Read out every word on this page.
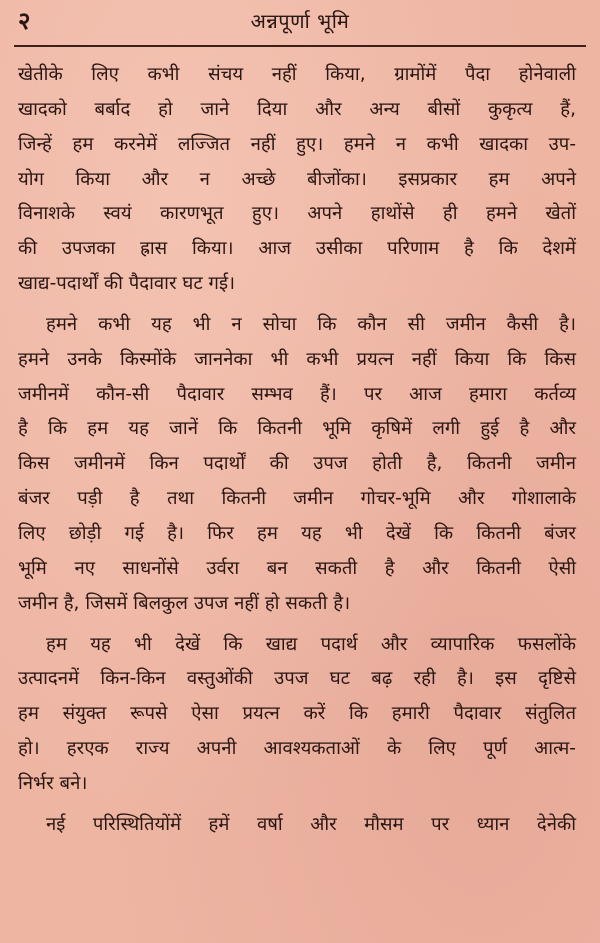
२	अन्नपूर्णा भूमि
खेतीके लिए कभी संचय नहीं किया, ग्रामोंमें पैदा होनेवाली
खादको बर्बाद हो जाने दिया और अन्य बीसों कुकृत्य हैं,
जिन्हें हम करनेमें लज्जित नहीं हुए। हमने न कभी खादका उप-
योग किया और न अच्छे बीजोंका। इसप्रकार हम अपने
विनाशके स्वयं कारणभूत हुए। अपने हाथोंसे ही हमने खेतों
की उपजका ह्रास किया। आज उसीका परिणाम है कि देशमें
खाद्य-पदार्थों की पैदावार घट गई।
हमने कभी यह भी न सोचा कि कौन सी जमीन कैसी है।
हमने उनके किस्मोंके जाननेका भी कभी प्रयत्न नहीं किया कि किस
जमीनमें कौन-सी पैदावार सम्भव हैं। पर आज हमारा कर्तव्य
है कि हम यह जानें कि कितनी भूमि कृषिमें लगी हुई है और
किस जमीनमें किन पदार्थों की उपज होती है, कितनी जमीन
बंजर पड़ी है तथा कितनी जमीन गोचर-भूमि और गोशालाके
लिए छोड़ी गई है। फिर हम यह भी देखें कि कितनी बंजर
भूमि नए साधनोंसे उर्वरा बन सकती है और कितनी ऐसी
जमीन है, जिसमें बिलकुल उपज नहीं हो सकती है।
हम यह भी देखें कि खाद्य पदार्थ और व्यापारिक फसलोंके
उत्पादनमें किन-किन वस्तुओंकी उपज घट बढ़ रही है। इस दृष्टिसे
हम संयुक्त रूपसे ऐसा प्रयत्न करें कि हमारी पैदावार संतुलित
हो। हरएक राज्य अपनी आवश्यकताओं के लिए पूर्ण आत्म-
निर्भर बने।
नई परिस्थितियोंमें हमें वर्षा और मौसम पर ध्यान देनेकी
